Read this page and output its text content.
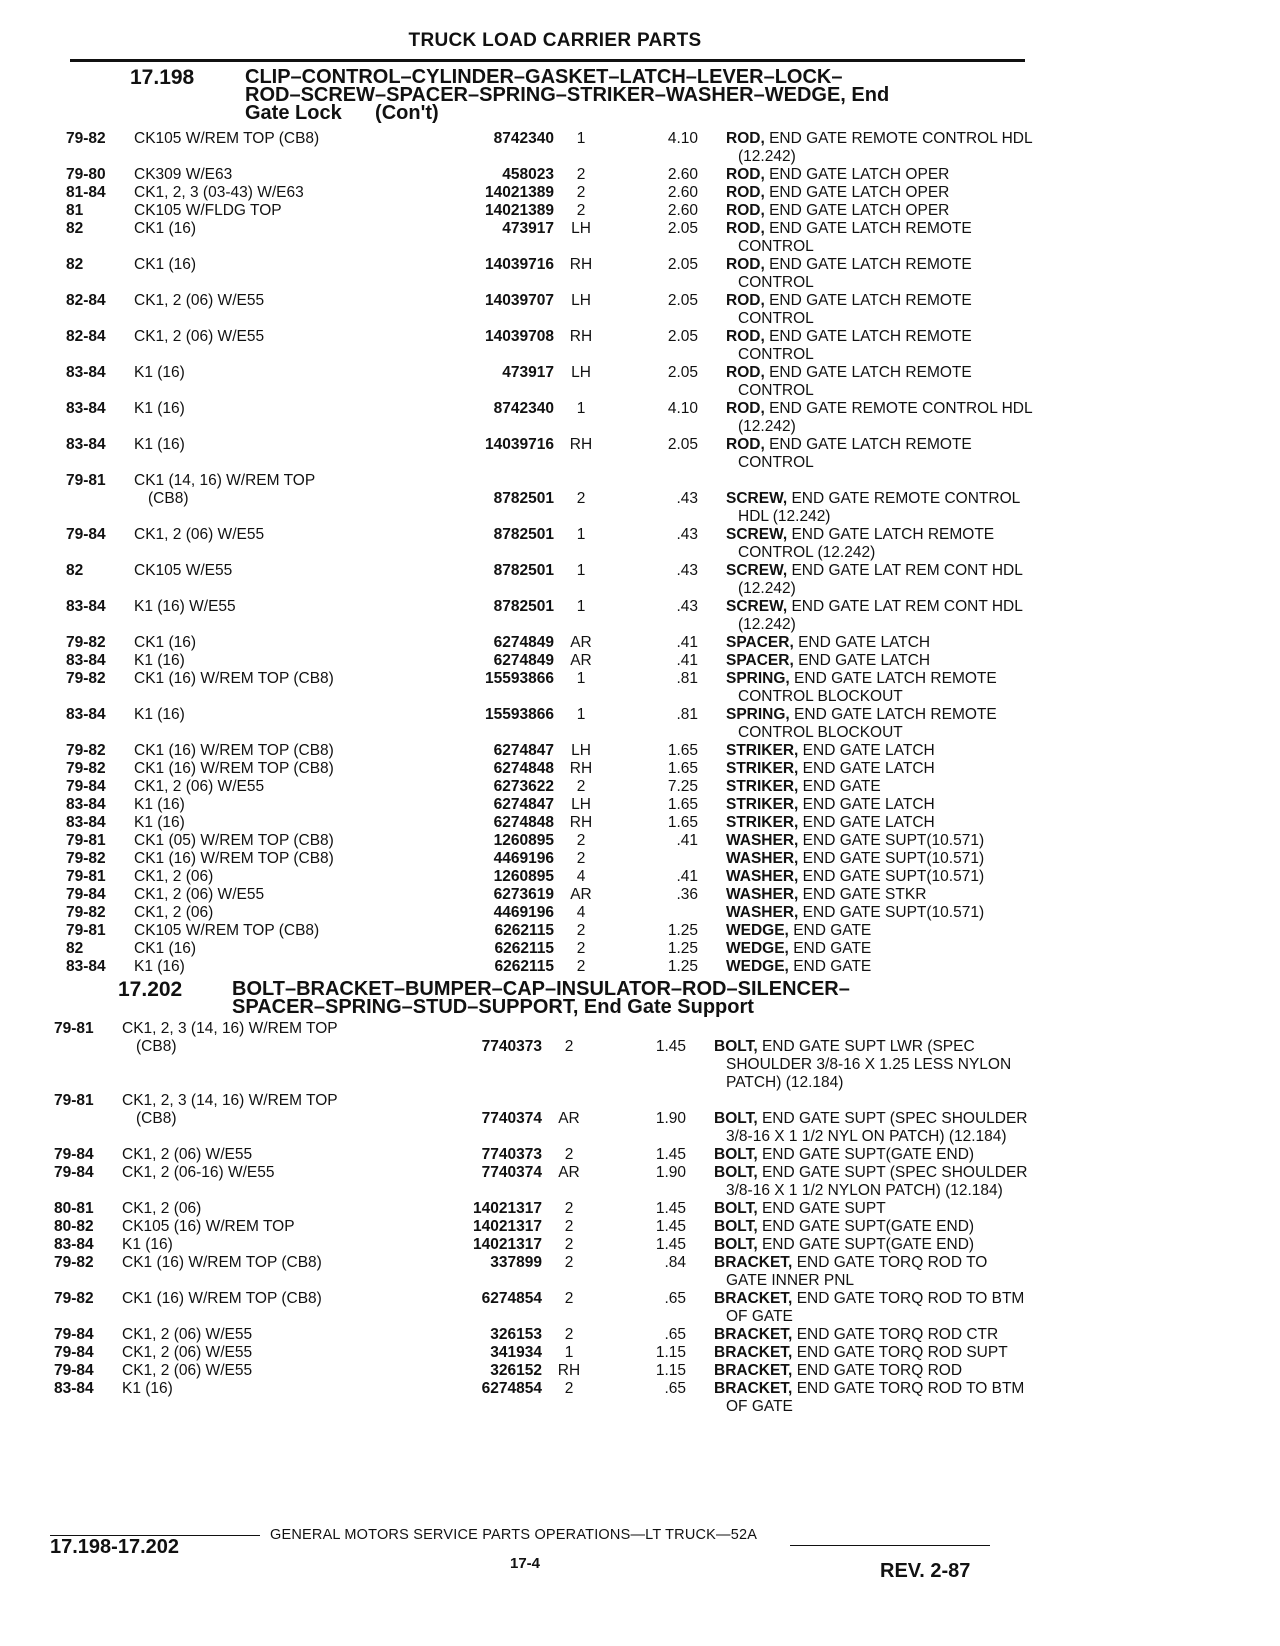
TRUCK LOAD CARRIER PARTS
17.198	CLIP–CONTROL–CYLINDER–GASKET–LATCH–LEVER–LOCK–
ROD–SCREW–SPACER–SPRING–STRIKER–WASHER–WEDGE, End
Gate Lock      (Con't)
79-82	CK105 W/REM TOP (CB8)	8742340	1	4.10 ROD, END GATE REMOTE CONTROL HDL
(12.242)
79-80	CK309 W/E63	458023	2	2.60 ROD, END GATE LATCH OPER
81-84	CK1, 2, 3 (03-43) W/E63	14021389	2	2.60 ROD, END GATE LATCH OPER
81	CK105 W/FLDG TOP	14021389	2	2.60 ROD, END GATE LATCH OPER
82	CK1 (16)	473917	LH	2.05 ROD, END GATE LATCH REMOTE
CONTROL
82	CK1 (16)	14039716	RH	2.05 ROD, END GATE LATCH REMOTE
CONTROL
82-84	CK1, 2 (06) W/E55	14039707	LH	2.05 ROD, END GATE LATCH REMOTE
CONTROL
82-84	CK1, 2 (06) W/E55	14039708	RH	2.05 ROD, END GATE LATCH REMOTE
CONTROL
83-84	K1 (16)	473917	LH	2.05 ROD, END GATE LATCH REMOTE
CONTROL
83-84	K1 (16)	8742340	1	4.10 ROD, END GATE REMOTE CONTROL HDL
(12.242)
83-84	K1 (16)	14039716	RH	2.05 ROD, END GATE LATCH REMOTE
CONTROL
79-81	CK1 (14, 16) W/REM TOP
(CB8)	8782501	2	.43 SCREW, END GATE REMOTE CONTROL
HDL (12.242)
79-84	CK1, 2 (06) W/E55	8782501	1	.43 SCREW, END GATE LATCH REMOTE
CONTROL (12.242)
82	CK105 W/E55	8782501	1	.43 SCREW, END GATE LAT REM CONT HDL
(12.242)
83-84	K1 (16) W/E55	8782501	1	.43 SCREW, END GATE LAT REM CONT HDL
(12.242)
79-82	CK1 (16)	6274849	AR	.41 SPACER, END GATE LATCH
83-84	K1 (16)	6274849	AR	.41 SPACER, END GATE LATCH
79-82	CK1 (16) W/REM TOP (CB8)	15593866	1	.81 SPRING, END GATE LATCH REMOTE
CONTROL BLOCKOUT
83-84	K1 (16)	15593866	1	.81 SPRING, END GATE LATCH REMOTE
CONTROL BLOCKOUT
79-82	CK1 (16) W/REM TOP (CB8)	6274847	LH	1.65 STRIKER, END GATE LATCH
79-82	CK1 (16) W/REM TOP (CB8)	6274848	RH	1.65 STRIKER, END GATE LATCH
79-84	CK1, 2 (06) W/E55	6273622	2	7.25 STRIKER, END GATE
83-84	K1 (16)	6274847	LH	1.65 STRIKER, END GATE LATCH
83-84	K1 (16)	6274848	RH	1.65 STRIKER, END GATE LATCH
79-81	CK1 (05) W/REM TOP (CB8)	1260895	2	.41 WASHER, END GATE SUPT(10.571)
79-82	CK1 (16) W/REM TOP (CB8)	4469196	2	WASHER, END GATE SUPT(10.571)
79-81	CK1, 2 (06)	1260895	4	.41 WASHER, END GATE SUPT(10.571)
79-84	CK1, 2 (06) W/E55	6273619	AR	.36 WASHER, END GATE STKR
79-82	CK1, 2 (06)	4469196	4	WASHER, END GATE SUPT(10.571)
79-81	CK105 W/REM TOP (CB8)	6262115	2	1.25 WEDGE, END GATE
82	CK1 (16)	6262115	2	1.25 WEDGE, END GATE
83-84	K1 (16)	6262115	2	1.25 WEDGE, END GATE
17.202 BOLT–BRACKET–BUMPER–CAP–INSULATOR–ROD–SILENCER–
SPACER–SPRING–STUD–SUPPORT, End Gate Support
79-81	CK1, 2, 3 (14, 16) W/REM TOP
(CB8)	7740373	2	1.45 BOLT, END GATE SUPT LWR (SPEC
SHOULDER 3/8-16 X 1.25 LESS NYLON
PATCH) (12.184)
79-81	CK1, 2, 3 (14, 16) W/REM TOP
(CB8)	7740374	AR	1.90 BOLT, END GATE SUPT (SPEC SHOULDER
3/8-16 X 1 1/2 NYL ON PATCH) (12.184)
79-84	CK1, 2 (06) W/E55	7740373	2	1.45 BOLT, END GATE SUPT(GATE END)
79-84	CK1, 2 (06-16) W/E55	7740374	AR	1.90 BOLT, END GATE SUPT (SPEC SHOULDER
3/8-16 X 1 1/2 NYLON PATCH) (12.184)
80-81	CK1, 2 (06)	14021317	2	1.45 BOLT, END GATE SUPT
80-82	CK105 (16) W/REM TOP	14021317	2	1.45 BOLT, END GATE SUPT(GATE END)
83-84	K1 (16)	14021317	2	1.45 BOLT, END GATE SUPT(GATE END)
79-82	CK1 (16) W/REM TOP (CB8)	337899	2	.84 BRACKET, END GATE TORQ ROD TO
GATE INNER PNL
79-82	CK1 (16) W/REM TOP (CB8)	6274854	2	.65 BRACKET, END GATE TORQ ROD TO BTM
OF GATE
79-84	CK1, 2 (06) W/E55	326153	2	.65 BRACKET, END GATE TORQ ROD CTR
79-84	CK1, 2 (06) W/E55	341934	1	1.15 BRACKET, END GATE TORQ ROD SUPT
79-84	CK1, 2 (06) W/E55	326152	RH	1.15 BRACKET, END GATE TORQ ROD
83-84	K1 (16)	6274854	2	.65 BRACKET, END GATE TORQ ROD TO BTM
OF GATE
17.198-17.202
GENERAL MOTORS SERVICE PARTS OPERATIONS—LT TRUCK—52A
17-4	REV. 2-87
